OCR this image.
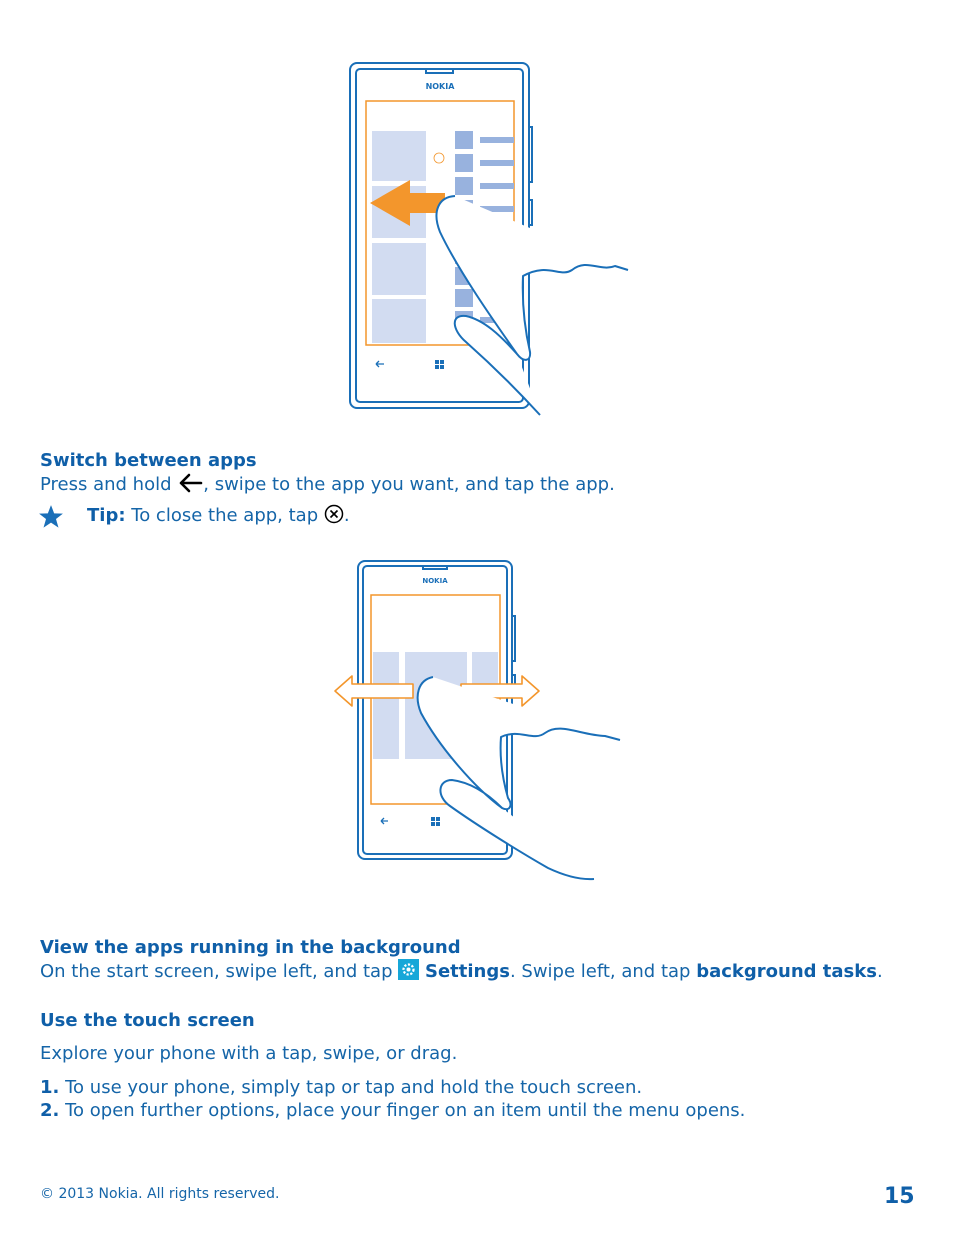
NOKIA
Switch between apps
Press and hold , swipe to the app you want, and tap the app.
Tip: To close the app, tap .
NOKIA
View the apps running in the background
On the start screen, swipe left, and tap Settings. Swipe left, and tap background tasks.
Use the touch screen
Explore your phone with a tap, swipe, or drag.
1. To use your phone, simply tap or tap and hold the touch screen.
2. To open further options, place your finger on an item until the menu opens.
© 2013 Nokia. All rights reserved.	15
